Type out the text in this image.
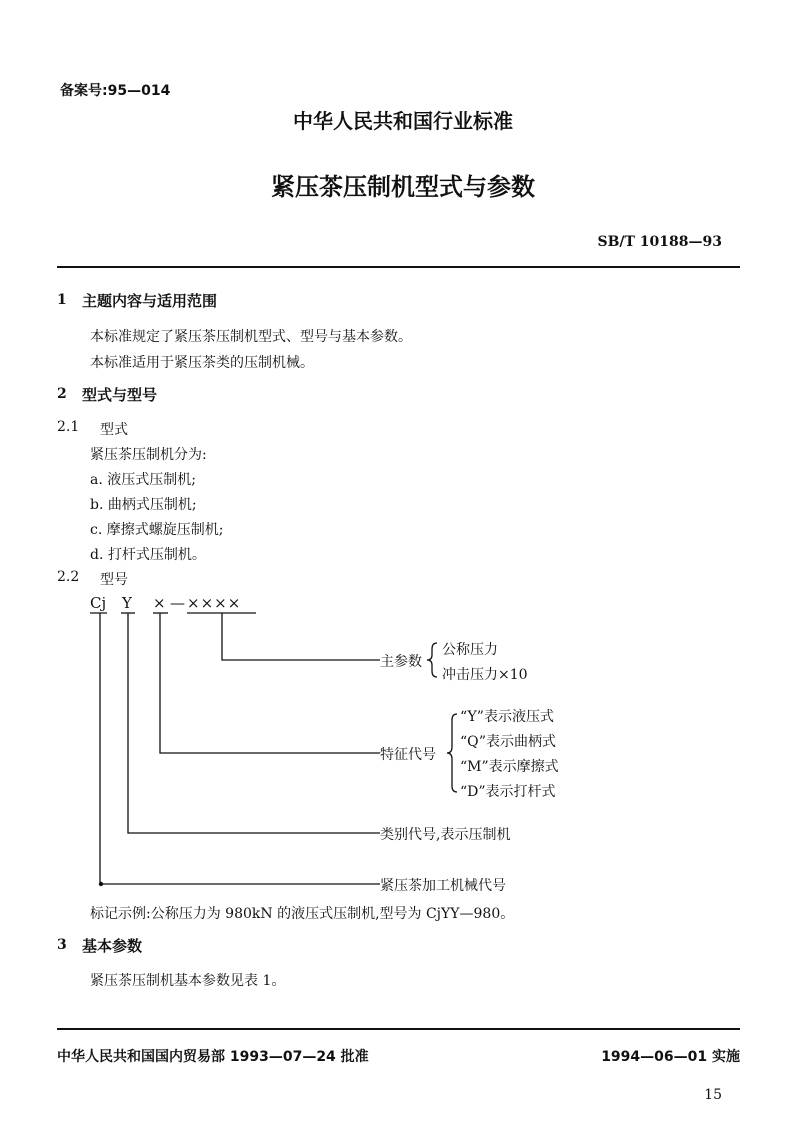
备案号:95—014
中华人民共和国行业标准
紧压茶压制机型式与参数
SB/T 10188—93
1 主题内容与适用范围
本标准规定了紧压茶压制机型式、型号与基本参数。
本标准适用于紧压茶类的压制机械。
2 型式与型号
2.1 型式
紧压茶压制机分为:
a. 液压式压制机;
b. 曲柄式压制机;
c. 摩擦式螺旋压制机;
d. 打杆式压制机。
2.2 型号
Cj Y × — ××××
主参数
公称压力
冲击压力×10
特征代号
“Y”表示液压式
“Q”表示曲柄式
“M”表示摩擦式
“D”表示打杆式
类别代号,表示压制机
紧压茶加工机械代号
标记示例:公称压力为 980kN 的液压式压制机,型号为 CjYY—980。
3 基本参数
紧压茶压制机基本参数见表 1。
中华人民共和国国内贸易部 1993—07—24 批准	1994—06—01 实施
15
